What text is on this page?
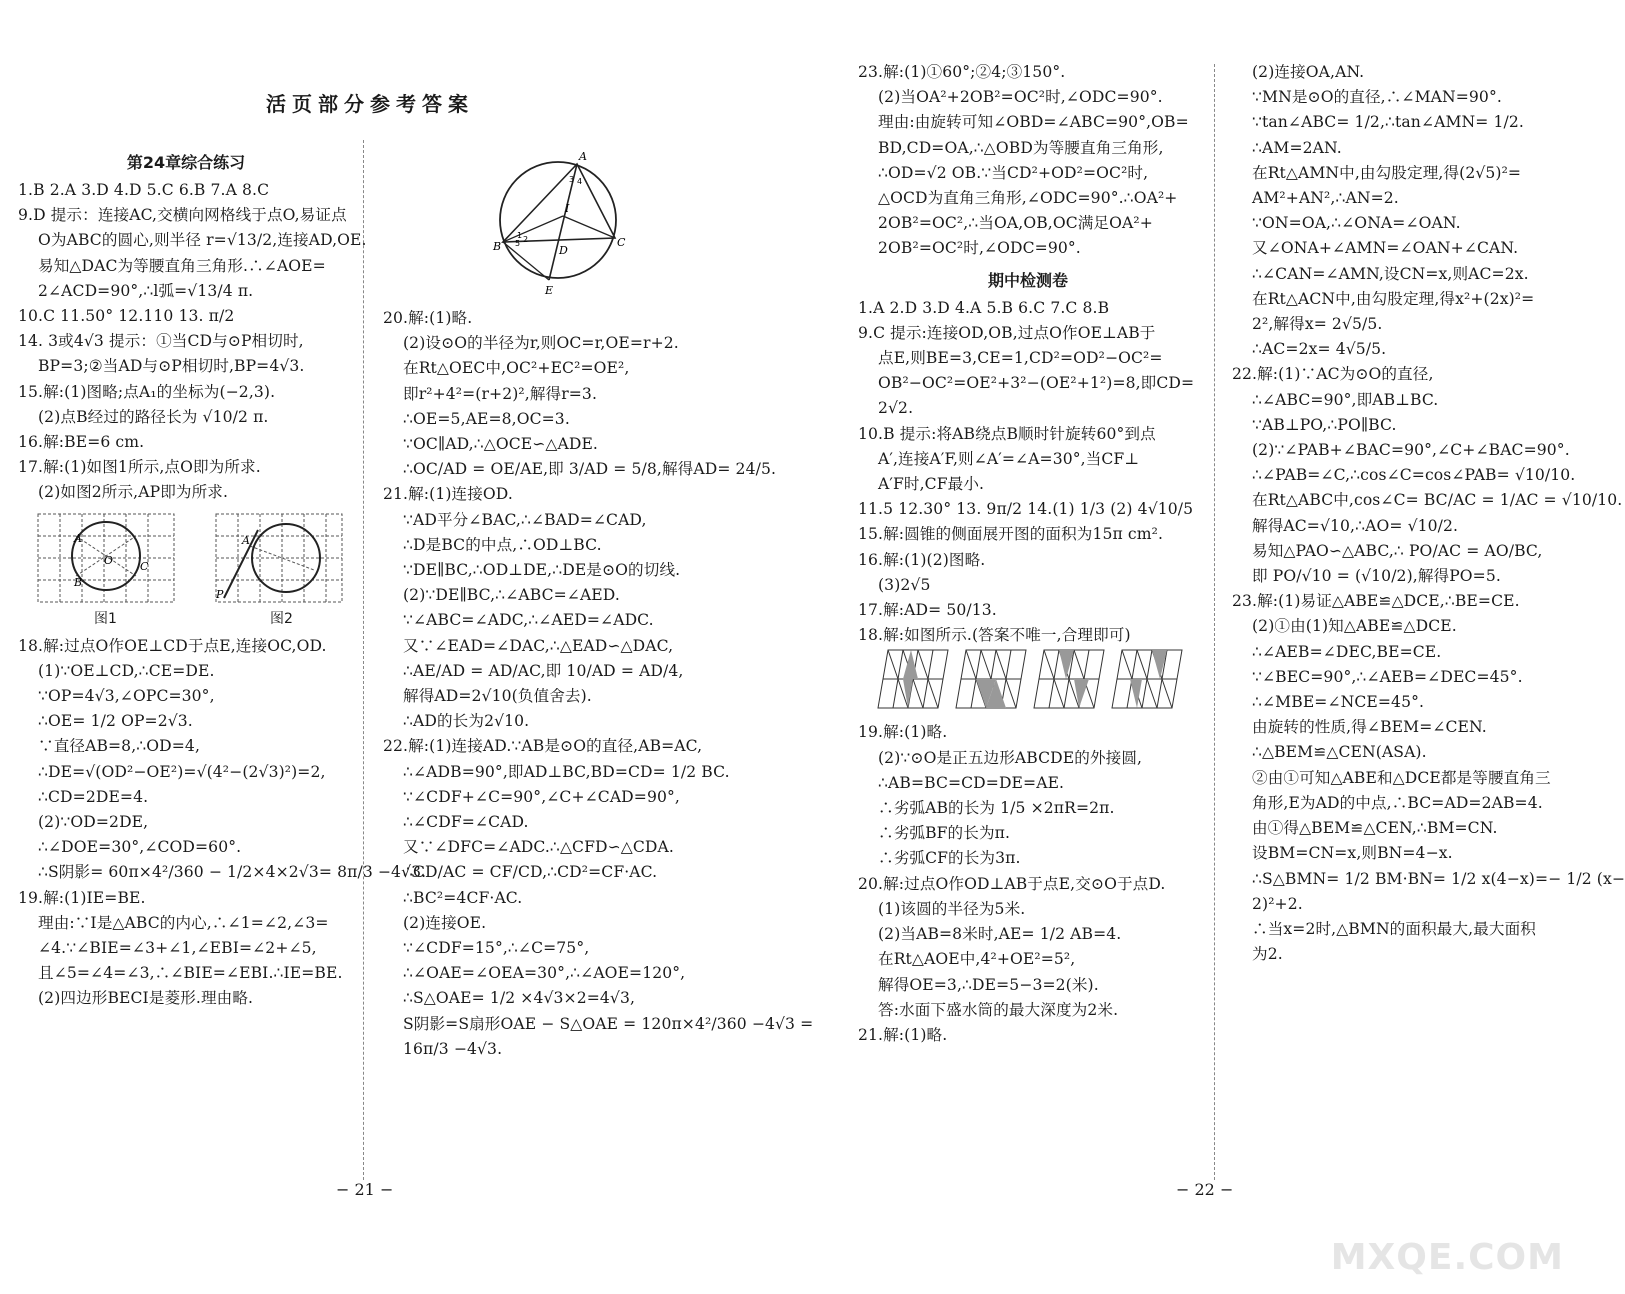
活页部分参考答案
第24章综合练习
1.B 2.A 3.D 4.D 5.C 6.B 7.A 8.C
9.D 提示：连接AC,交横向网格线于点O,易证点
O为ABC的圆心,则半径 r=√13/2,连接AD,OE.
易知△DAC为等腰直角三角形.∴∠AOE=
2∠ACD=90°,∴l弧=√13/4 π.
10.C 11.50° 12.110 13. π/2
14. 3或4√3 提示：①当CD与⊙P相切时,
BP=3;②当AD与⊙P相切时,BP=4√3.
15.解:(1)图略;点A₁的坐标为(−2,3).
(2)点B经过的路径长为 √10/2 π.
16.解:BE=6 cm.
17.解:(1)如图1所示,点O即为所求.
(2)如图2所示,AP即为所求.
A
B
C
O
A
P
图1	图2
18.解:过点O作OE⊥CD于点E,连接OC,OD.
(1)∵OE⊥CD,∴CE=DE.
∵OP=4√3,∠OPC=30°,
∴OE= 1/2 OP=2√3.
∵直径AB=8,∴OD=4,
∴DE=√(OD²−OE²)=√(4²−(2√3)²)=2,
∴CD=2DE=4.
(2)∵OD=2DE,
∴∠DOE=30°,∠COD=60°.
∴S阴影= 60π×4²/360 − 1/2×4×2√3= 8π/3 −4√3.
19.解:(1)IE=BE.
理由:∵I是△ABC的内心,∴∠1=∠2,∠3=
∠4.∵∠BIE=∠3+∠1,∠EBI=∠2+∠5,
且∠5=∠4=∠3,∴∠BIE=∠EBI.∴IE=BE.
(2)四边形BECI是菱形.理由略.
A
B	C
D
E
I
3 4
5
1 2
20.解:(1)略.
(2)设⊙O的半径为r,则OC=r,OE=r+2.
在Rt△OEC中,OC²+EC²=OE²,
即r²+4²=(r+2)²,解得r=3.
∴OE=5,AE=8,OC=3.
∵OC∥AD,∴△OCE∽△ADE.
∴OC/AD = OE/AE,即 3/AD = 5/8,解得AD= 24/5.
21.解:(1)连接OD.
∵AD平分∠BAC,∴∠BAD=∠CAD,
∴D是BC的中点,∴OD⊥BC.
∵DE∥BC,∴OD⊥DE,∴DE是⊙O的切线.
(2)∵DE∥BC,∴∠ABC=∠AED.
∵∠ABC=∠ADC,∴∠AED=∠ADC.
又∵∠EAD=∠DAC,∴△EAD∽△DAC,
∴AE/AD = AD/AC,即 10/AD = AD/4,
解得AD=2√10(负值舍去).
∴AD的长为2√10.
22.解:(1)连接AD.∵AB是⊙O的直径,AB=AC,
∴∠ADB=90°,即AD⊥BC,BD=CD= 1/2 BC.
∵∠CDF+∠C=90°,∠C+∠CAD=90°,
∴∠CDF=∠CAD.
又∵∠DFC=∠ADC.∴△CFD∽△CDA.
∴CD/AC = CF/CD,∴CD²=CF·AC.
∴BC²=4CF·AC.
(2)连接OE.
∵∠CDF=15°,∴∠C=75°,
∴∠OAE=∠OEA=30°,∴∠AOE=120°,
∴S△OAE= 1/2 ×4√3×2=4√3,
S阴影=S扇形OAE − S△OAE = 120π×4²/360 −4√3 =
16π/3 −4√3.
23.解:(1)①60°;②4;③150°.
(2)当OA²+2OB²=OC²时,∠ODC=90°.
理由:由旋转可知∠OBD=∠ABC=90°,OB=
BD,CD=OA,∴△OBD为等腰直角三角形,
∴OD=√2 OB.∵当CD²+OD²=OC²时,
△OCD为直角三角形,∠ODC=90°.∴OA²+
2OB²=OC²,∴当OA,OB,OC满足OA²+
2OB²=OC²时,∠ODC=90°.
期中检测卷
1.A 2.D 3.D 4.A 5.B 6.C 7.C 8.B
9.C 提示:连接OD,OB,过点O作OE⊥AB于
点E,则BE=3,CE=1,CD²=OD²−OC²=
OB²−OC²=OE²+3²−(OE²+1²)=8,即CD=
2√2.
10.B 提示:将AB绕点B顺时针旋转60°到点
A′,连接A′F,则∠A′=∠A=30°,当CF⊥
A′F时,CF最小.
11.5 12.30° 13. 9π/2 14.(1) 1/3 (2) 4√10/5
15.解:圆锥的侧面展开图的面积为15π cm².
16.解:(1)(2)图略.
(3)2√5
17.解:AD= 50/13.
18.解:如图所示.(答案不唯一,合理即可)
19.解:(1)略.
(2)∵⊙O是正五边形ABCDE的外接圆,
∴AB=BC=CD=DE=AE.
∴劣弧AB的长为 1/5 ×2πR=2π.
∴劣弧BF的长为π.
∴劣弧CF的长为3π.
20.解:过点O作OD⊥AB于点E,交⊙O于点D.
(1)该圆的半径为5米.
(2)当AB=8米时,AE= 1/2 AB=4.
在Rt△AOE中,4²+OE²=5²,
解得OE=3,∴DE=5−3=2(米).
答:水面下盛水筒的最大深度为2米.
21.解:(1)略.
(2)连接OA,AN.
∵MN是⊙O的直径,∴∠MAN=90°.
∵tan∠ABC= 1/2,∴tan∠AMN= 1/2.
∴AM=2AN.
在Rt△AMN中,由勾股定理,得(2√5)²=
AM²+AN²,∴AN=2.
∵ON=OA,∴∠ONA=∠OAN.
又∠ONA+∠AMN=∠OAN+∠CAN.
∴∠CAN=∠AMN,设CN=x,则AC=2x.
在Rt△ACN中,由勾股定理,得x²+(2x)²=
2²,解得x= 2√5/5.
∴AC=2x= 4√5/5.
22.解:(1)∵AC为⊙O的直径,
∴∠ABC=90°,即AB⊥BC.
∵AB⊥PO,∴PO∥BC.
(2)∵∠PAB+∠BAC=90°,∠C+∠BAC=90°.
∴∠PAB=∠C,∴cos∠C=cos∠PAB= √10/10.
在Rt△ABC中,cos∠C= BC/AC = 1/AC = √10/10.
解得AC=√10,∴AO= √10/2.
易知△PAO∽△ABC,∴ PO/AC = AO/BC,
即 PO/√10 = (√10/2),解得PO=5.
23.解:(1)易证△ABE≌△DCE,∴BE=CE.
(2)①由(1)知△ABE≌△DCE.
∴∠AEB=∠DEC,BE=CE.
∵∠BEC=90°,∴∠AEB=∠DEC=45°.
∴∠MBE=∠NCE=45°.
由旋转的性质,得∠BEM=∠CEN.
∴△BEM≌△CEN(ASA).
②由①可知△ABE和△DCE都是等腰直角三
角形,E为AD的中点,∴BC=AD=2AB=4.
由①得△BEM≌△CEN,∴BM=CN.
设BM=CN=x,则BN=4−x.
∴S△BMN= 1/2 BM·BN= 1/2 x(4−x)=− 1/2 (x−
2)²+2.
∴当x=2时,△BMN的面积最大,最大面积
为2.
− 21 −	− 22 −
MXQE.COM
